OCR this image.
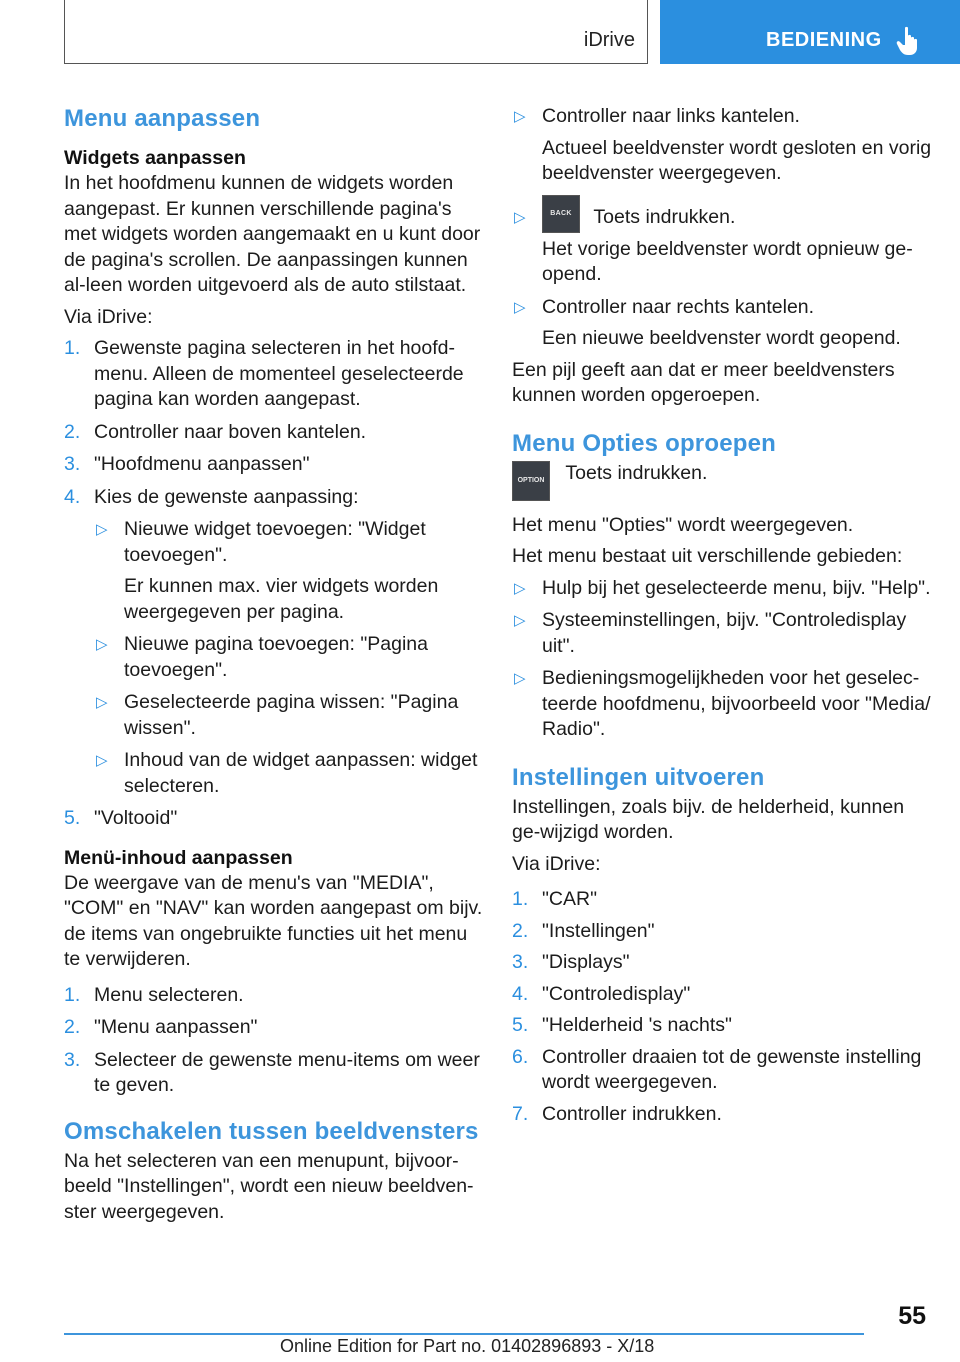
iDrive	BEDIENING
Menu aanpassen
Widgets aanpassen

In het hoofdmenu kunnen de widgets worden aangepast. Er kunnen verschillende pagina's met widgets worden aangemaakt en u kunt door de pagina's scrollen. De aanpassingen kunnen al-leen worden uitgevoerd als de auto stilstaat.

Via iDrive:

1. Gewenste pagina selecteren in het hoofd-menu. Alleen de momenteel geselecteerde pagina kan worden aangepast.
2. Controller naar boven kantelen.
3. "Hoofdmenu aanpassen"
4. Kies de gewenste aanpassing:
▷ Nieuwe widget toevoegen: "Widget toevoegen".

Er kunnen max. vier widgets worden weergegeven per pagina.

▷ Nieuwe pagina toevoegen: "Pagina toevoegen".
▷ Geselecteerde pagina wissen: "Pagina wissen".
▷ Inhoud van de widget aanpassen: widget selecteren.
5. "Voltooid"
Menü-inhoud aanpassen

De weergave van de menu's van "MEDIA", "COM" en "NAV" kan worden aangepast om bijv. de items van ongebruikte functies uit het menu te verwijderen.

1. Menu selecteren.
2. "Menu aanpassen"
3. Selecteer de gewenste menu-items om weer te geven.
Omschakelen tussen beeldvensters

Na het selecteren van een menupunt, bijvoor-beeld "Instellingen", wordt een nieuw beeldven-ster weergegeven.

▷ Controller naar links kantelen.

Actueel beeldvenster wordt gesloten en vorig beeldvenster weergegeven.

▷	BACK Toets indrukken.

Het vorige beeldvenster wordt opnieuw ge-opend.

▷ Controller naar rechts kantelen.

Een nieuwe beeldvenster wordt geopend.

Een pijl geeft aan dat er meer beeldvensters kunnen worden opgeroepen.

Menu Opties oproepen
OPTION Toets indrukken.

Het menu "Opties" wordt weergegeven.

Het menu bestaat uit verschillende gebieden:

▷ Hulp bij het geselecteerde menu, bijv. "Help".
▷ Systeeminstellingen, bijv. "Controledisplay uit".
▷ Bedieningsmogelijkheden voor het geselec-teerde hoofdmenu, bijvoorbeeld voor "Media/ Radio".
Instellingen uitvoeren

Instellingen, zoals bijv. de helderheid, kunnen ge-wijzigd worden.

Via iDrive:

1. "CAR"
2. "Instellingen"
3. "Displays"
4. "Controledisplay"
5. "Helderheid 's nachts"
6. Controller draaien tot de gewenste instelling wordt weergegeven.
7. Controller indrukken.
55
Online Edition for Part no. 01402896893 - X/18
